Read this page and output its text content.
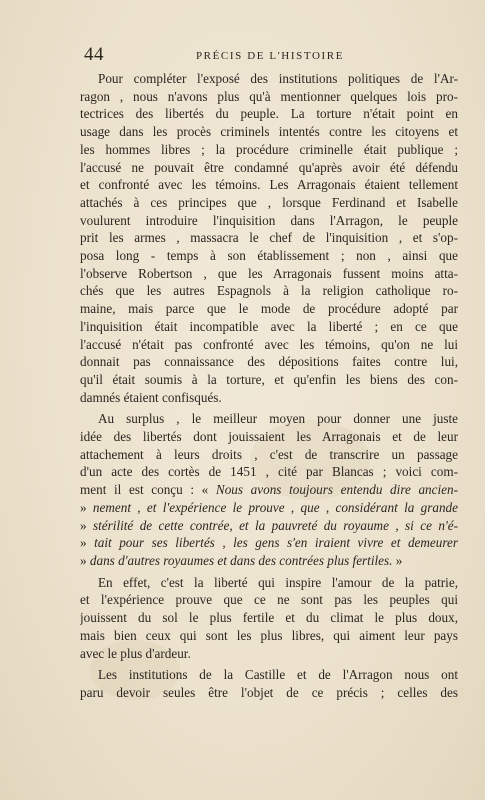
44	PRÉCIS DE L'HISTOIRE
Pour compléter l'exposé des institutions politiques de l'Ar-
ragon , nous n'avons plus qu'à mentionner quelques lois pro-
tectrices des libertés du peuple. La torture n'était point en
usage dans les procès criminels intentés contre les citoyens et
les hommes libres ; la procédure criminelle était publique ;
l'accusé ne pouvait être condamné qu'après avoir été défendu
et confronté avec les témoins. Les Arragonais étaient tellement
attachés à ces principes que , lorsque Ferdinand et Isabelle
voulurent introduire l'inquisition dans l'Arragon, le peuple
prit les armes , massacra le chef de l'inquisition , et s'op-
posa long - temps à son établissement ; non , ainsi que
l'observe Robertson , que les Arragonais fussent moins atta-
chés que les autres Espagnols à la religion catholique ro-
maine, mais parce que le mode de procédure adopté par
l'inquisition était incompatible avec la liberté ; en ce que
l'accusé n'était pas confronté avec les témoins, qu'on ne lui
donnait pas connaissance des dépositions faites contre lui,
qu'il était soumis à la torture, et qu'enfin les biens des con-
damnés étaient confisqués.
Au surplus , le meilleur moyen pour donner une juste
idée des libertés dont jouissaient les Arragonais et de leur
attachement à leurs droits , c'est de transcrire un passage
d'un acte des cortès de 1451 , cité par Blancas ; voici com-
ment il est conçu : « Nous avons toujours entendu dire ancien-
» nement , et l'expérience le prouve , que , considérant la grande
» stérilité de cette contrée, et la pauvreté du royaume , si ce n'é-
» tait pour ses libertés , les gens s'en iraient vivre et demeurer
» dans d'autres royaumes et dans des contrées plus fertiles. »
En effet, c'est la liberté qui inspire l'amour de la patrie,
et l'expérience prouve que ce ne sont pas les peuples qui
jouissent du sol le plus fertile et du climat le plus doux,
mais bien ceux qui sont les plus libres, qui aiment leur pays
avec le plus d'ardeur.
Les institutions de la Castille et de l'Arragon nous ont
paru devoir seules être l'objet de ce précis ; celles des
